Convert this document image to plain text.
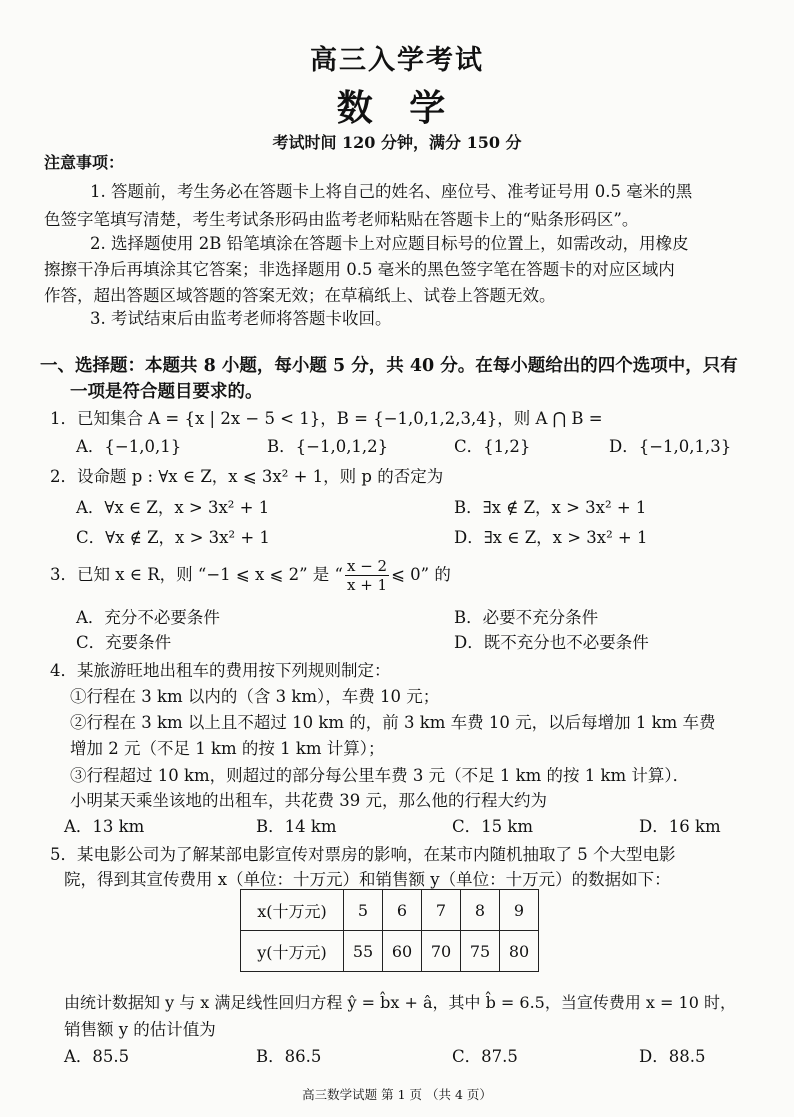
高三入学考试
数 学
考试时间 120 分钟，满分 150 分
注意事项：
1. 答题前，考生务必在答题卡上将自己的姓名、座位号、准考证号用 0.5 毫米的黑
色签字笔填写清楚，考生考试条形码由监考老师粘贴在答题卡上的“贴条形码区”。
2. 选择题使用 2B 铅笔填涂在答题卡上对应题目标号的位置上，如需改动，用橡皮
擦擦干净后再填涂其它答案；非选择题用 0.5 毫米的黑色签字笔在答题卡的对应区域内
作答，超出答题区域答题的答案无效；在草稿纸上、试卷上答题无效。
3. 考试结束后由监考老师将答题卡收回。
一、选择题：本题共 8 小题，每小题 5 分，共 40 分。在每小题给出的四个选项中，只有
一项是符合题目要求的。
1．已知集合 A = {x | 2x − 5 < 1}，B = {−1,0,1,2,3,4}，则 A ⋂ B =
A．{−1,0,1}	B．{−1,0,1,2}	C．{1,2}	D．{−1,0,1,3}
2．设命题 p : ∀x ∈ Z，x ⩽ 3x² + 1，则 p 的否定为
A．∀x ∈ Z，x > 3x² + 1	B．∃x ∉ Z，x > 3x² + 1
C．∀x ∉ Z，x > 3x² + 1	D．∃x ∈ Z，x > 3x² + 1
3．已知 x ∈ R，则 “−1 ⩽ x ⩽ 2” 是 “ $\frac{x - 2}{x + 1}$ ⩽ 0” 的
A．充分不必要条件	B．必要不充分条件
C．充要条件	D．既不充分也不必要条件
4．某旅游旺地出租车的费用按下列规则制定：
①行程在 3 km 以内的（含 3 km），车费 10 元；
②行程在 3 km 以上且不超过 10 km 的，前 3 km 车费 10 元，以后每增加 1 km 车费
增加 2 元（不足 1 km 的按 1 km 计算）；
③行程超过 10 km，则超过的部分每公里车费 3 元（不足 1 km 的按 1 km 计算）．
小明某天乘坐该地的出租车，共花费 39 元，那么他的行程大约为
A．13 km	B．14 km	C．15 km	D．16 km
5．某电影公司为了解某部电影宣传对票房的影响，在某市内随机抽取了 5 个大型电影
院，得到其宣传费用 x（单位：十万元）和销售额 y（单位：十万元）的数据如下：
x(十万元)	5	6	7	8	9
y(十万元)	55	60	70	75	80
由统计数据知 y 与 x 满足线性回归方程 ŷ = b̂x + â，其中 b̂ = 6.5，当宣传费用 x = 10 时，
销售额 y 的估计值为
A．85.5	B．86.5	C．87.5	D．88.5
高三数学试题 第 1 页 （共 4 页）
